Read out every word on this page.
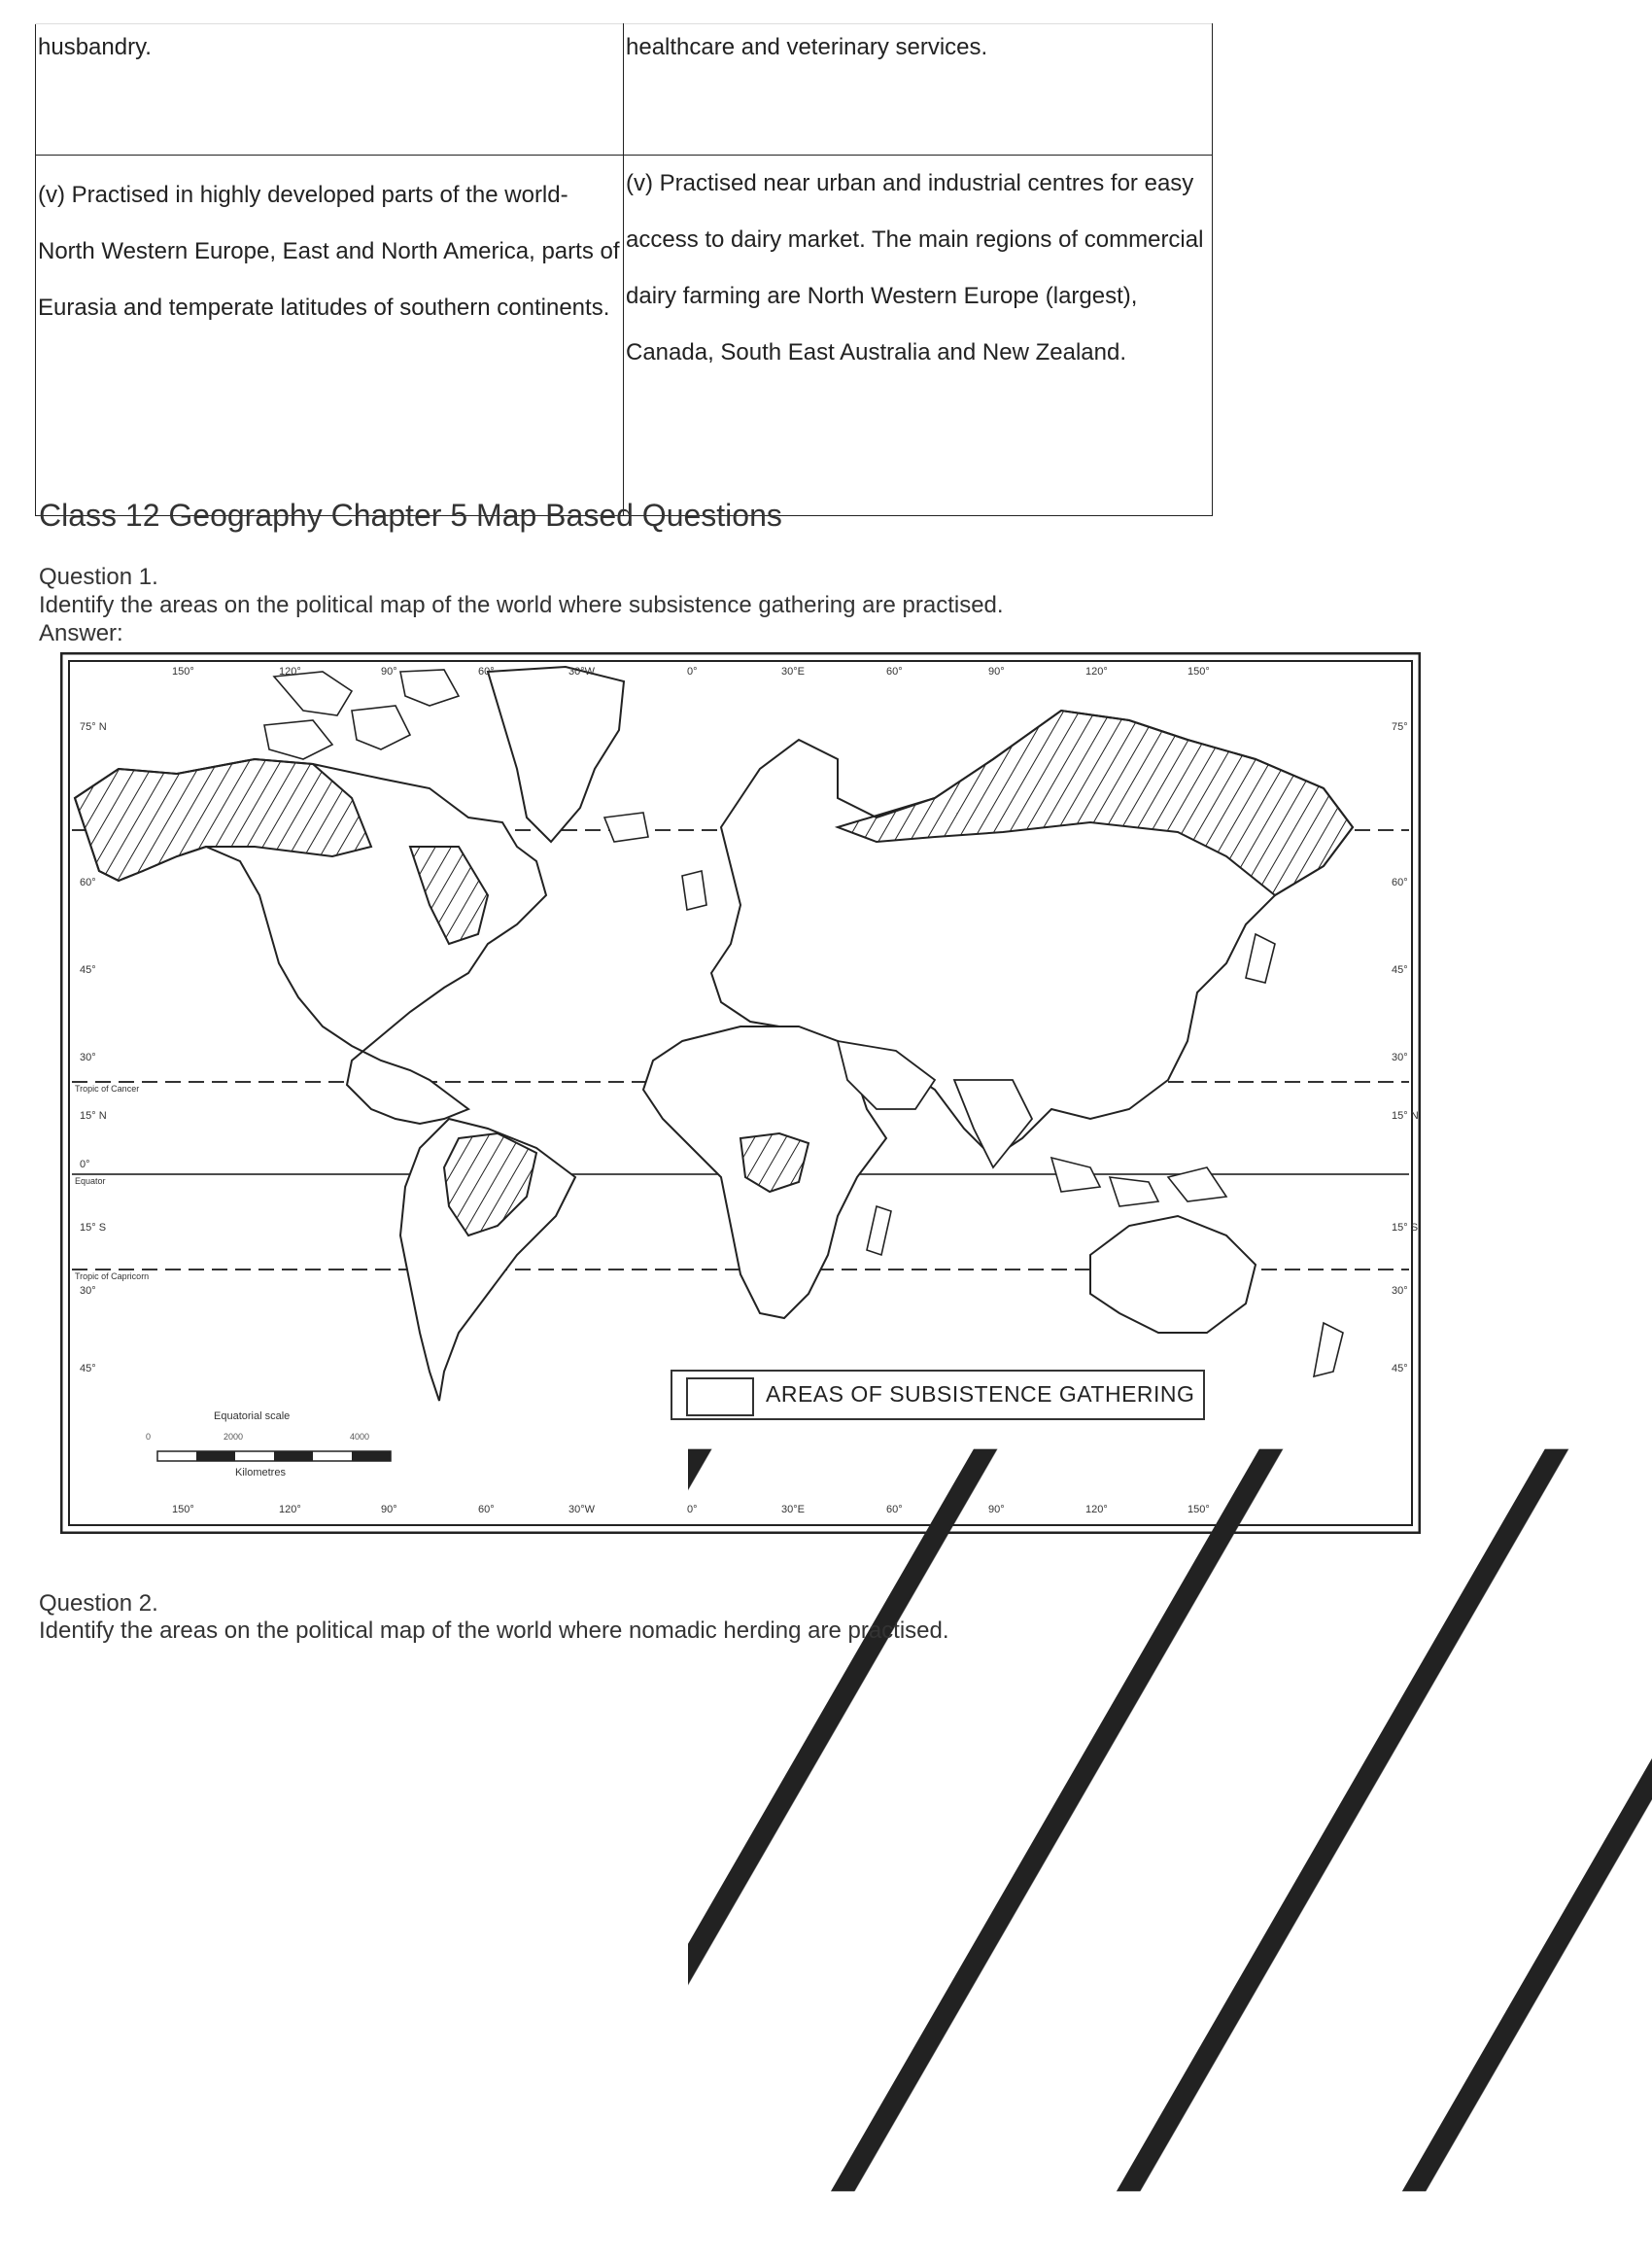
husbandry.	healthcare and veterinary services.
(v) Practised in highly developed parts of the world- North Western Europe, East and North America, parts of Eurasia and temperate latitudes of southern continents.	(v) Practised near urban and industrial centres for easy access to dairy market. The main regions of commercial dairy farming are North Western Europe (largest), Canada, South East Australia and New Zealand.
Class 12 Geography Chapter 5 Map Based Questions

Question 1.

Identify the areas on the political map of the world where subsistence gathering are practised.

Answer:

75° N
60°
45°
30°
15° N
0°
15° S
30°
45°
Tropic of Cancer
Equator
Tropic of Capricorn
75°
60°
45°
30°
15° N
15° S
30°
45°
150°	120°	90°	60°	30°W	0°	30°E	60°	90°	120°	150°
150°	120°	90°	60°	30°W
AREAS OF SUBSISTENCE GATHERING
Equatorial scale
0	2000	4000
Kilometres

Question 2.

Identify the areas on the political map of the world where nomadic herding are practised.
